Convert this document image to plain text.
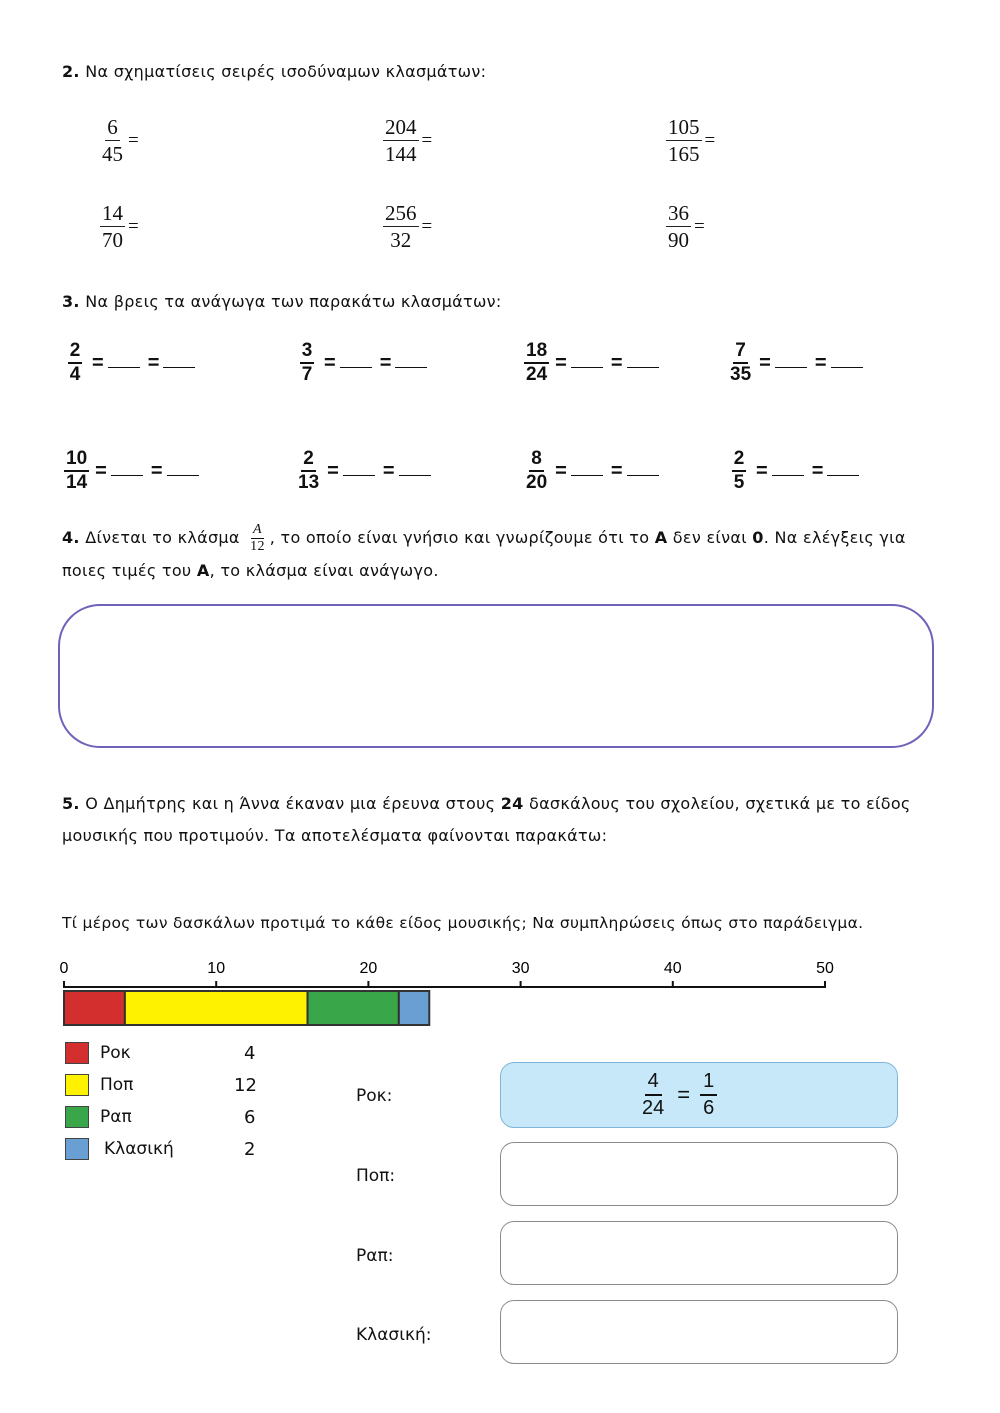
2. Να σχηματίσεις σειρές ισοδύναμων κλασμάτων:
$\frac{6}{45}$ =	$\frac{204}{144}$ =	$\frac{105}{165}$ =
$\frac{14}{70}$ =	$\frac{256}{32}$ =	$\frac{36}{90}$ =
3. Να βρεις τα ανάγωγα των παρακάτω κλασμάτων:
$\frac{2}{4}$ = =	$\frac{3}{7}$ = =	$\frac{18}{24}$ = =	$\frac{7}{35}$ = =
$\frac{10}{14}$ = =	$\frac{2}{13}$ = =	$\frac{8}{20}$ = =	$\frac{2}{5}$ = =
4. Δίνεται το κλάσμα $\frac{A}{12}$ , το οποίο είναι γνήσιο και γνωρίζουμε ότι το Α δεν είναι 0. Να ελέγξεις για ποιες τιμές του Α, το κλάσμα είναι ανάγωγο.
5. Ο Δημήτρης και η Άννα έκαναν μια έρευνα στους 24 δασκάλους του σχολείου, σχετικά με το είδος μουσικής που προτιμούν. Τα αποτελέσματα φαίνονται παρακάτω:
Τί μέρος των δασκάλων προτιμά το κάθε είδος μουσικής; Να συμπληρώσεις όπως στο παράδειγμα.
0	10	20	30	40	50
Ροκ	4
Ποπ	12
Ραπ	6
Κλασική	2
Ροκ:	$\frac{4}{24} = \frac{1}{6}$
Ποπ:
Ραπ:
Κλασική:
